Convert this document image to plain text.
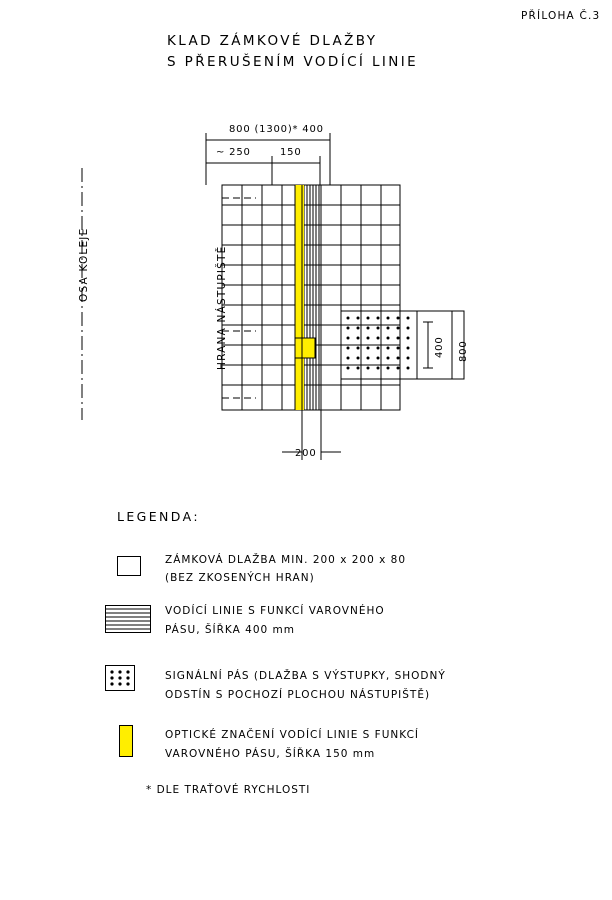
PŘÍLOHA Č.3
KLAD ZÁMKOVÉ DLAŽBY
S PŘERUŠENÍM VODÍCÍ LINIE
800 (1300)* 400
~ 250	150
200
400 800
OSA KOLEJE	HRANA NÁSTUPIŠTĚ
LEGENDA:
ZÁMKOVÁ DLAŽBA MIN. 200 x 200 x 80
(BEZ ZKOSENÝCH HRAN)
VODÍCÍ LINIE S FUNKCÍ VAROVNÉHO
PÁSU, ŠÍŘKA 400 mm
SIGNÁLNÍ PÁS (DLAŽBA S VÝSTUPKY, SHODNÝ
ODSTÍN S POCHOZÍ PLOCHOU NÁSTUPIŠTĚ)
OPTICKÉ ZNAČENÍ VODÍCÍ LINIE S FUNKCÍ
VAROVNÉHO PÁSU, ŠÍŘKA 150 mm
* DLE TRAŤOVÉ RYCHLOSTI
